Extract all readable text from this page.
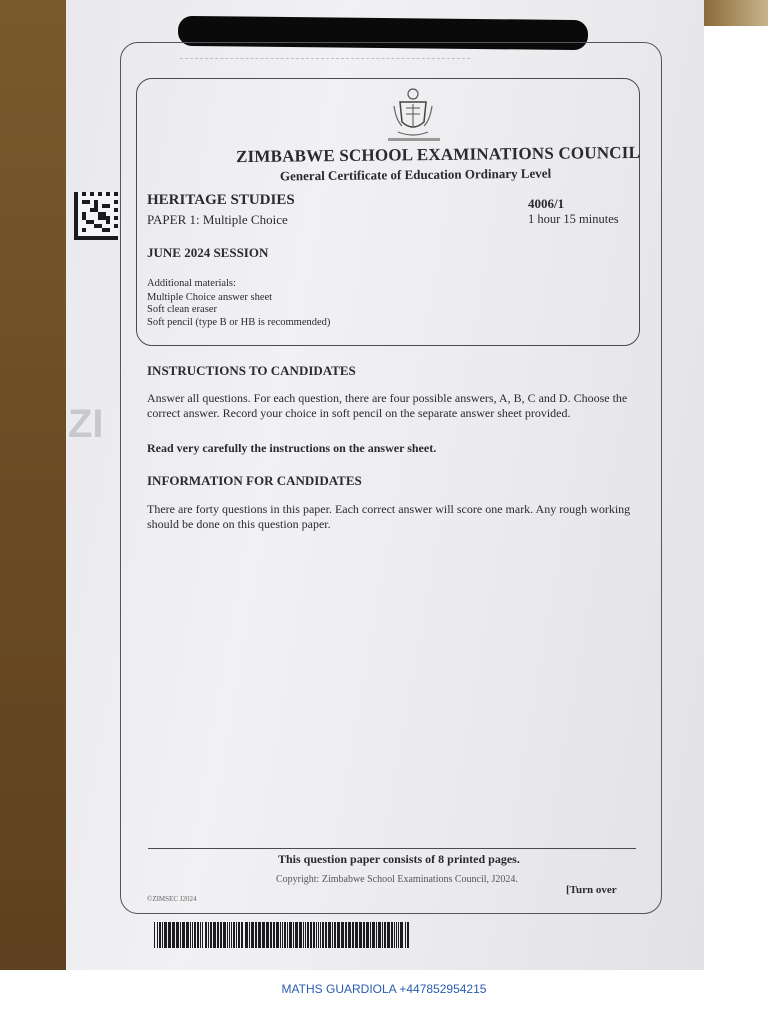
ZIMBABWE SCHOOL EXAMINATIONS COUNCIL
General Certificate of Education Ordinary Level
HERITAGE STUDIES	4006/1
PAPER 1: Multiple Choice	1 hour 15 minutes
JUNE 2024 SESSION
Additional materials:
Multiple Choice answer sheet
Soft clean eraser
Soft pencil (type B or HB is recommended)
ZI
INSTRUCTIONS TO CANDIDATES
Answer all questions. For each question, there are four possible answers, A, B, C and D. Choose the correct answer. Record your choice in soft pencil on the separate answer sheet provided.
Read very carefully the instructions on the answer sheet.
INFORMATION FOR CANDIDATES
There are forty questions in this paper. Each correct answer will score one mark. Any rough working should be done on this question paper.
This question paper consists of 8 printed pages.
Copyright: Zimbabwe School Examinations Council, J2024.
©ZIMSEC J2024
[Turn over
MATHS GUARDIOLA +447852954215
